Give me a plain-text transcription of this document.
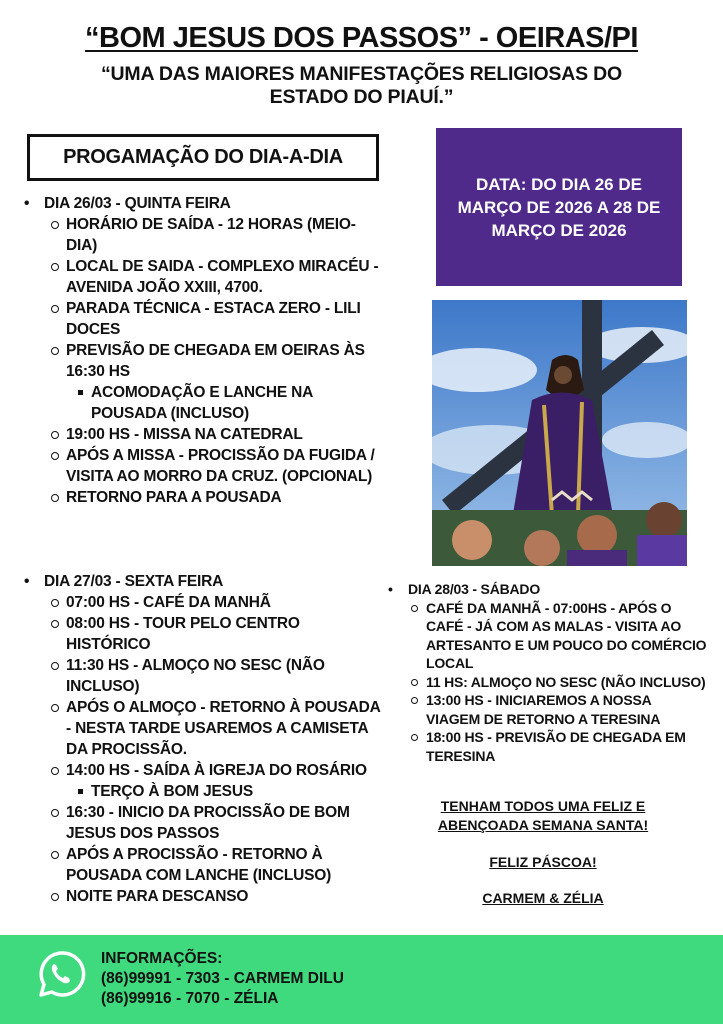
“BOM JESUS DOS PASSOS” - OEIRAS/PI
“UMA DAS MAIORES MANIFESTAÇÕES RELIGIOSAS DO ESTADO DO PIAUÍ.”
PROGAMAÇÃO DO DIA-A-DIA
DATA: DO DIA 26 DE MARÇO DE 2026 A 28 DE MARÇO DE 2026
• DIA 26/03 - QUINTA FEIRA
HORÁRIO DE SAÍDA - 12 HORAS (MEIO-DIA)
LOCAL DE SAIDA - COMPLEXO MIRACÉU - AVENIDA JOÃO XXIII, 4700.
PARADA TÉCNICA - ESTACA ZERO - LILI DOCES
PREVISÃO DE CHEGADA EM OEIRAS ÀS 16:30 HS
ACOMODAÇÃO E LANCHE NA POUSADA (INCLUSO)
19:00 HS - MISSA NA CATEDRAL
APÓS A MISSA - PROCISSÃO DA FUGIDA / VISITA AO MORRO DA CRUZ. (OPCIONAL)
RETORNO PARA A POUSADA
• DIA 27/03 - SEXTA FEIRA
07:00 HS - CAFÉ DA MANHÃ
08:00 HS - TOUR PELO CENTRO HISTÓRICO
11:30 HS - ALMOÇO NO SESC (NÃO INCLUSO)
APÓS O ALMOÇO - RETORNO À POUSADA - NESTA TARDE USAREMOS A CAMISETA DA PROCISSÃO.
14:00 HS - SAÍDA À IGREJA DO ROSÁRIO
TERÇO À BOM JESUS
16:30 - INICIO DA PROCISSÃO DE BOM JESUS DOS PASSOS
APÓS A PROCISSÃO - RETORNO À POUSADA COM LANCHE (INCLUSO)
NOITE PARA DESCANSO
• DIA 28/03 - SÁBADO
CAFÉ DA MANHÃ - 07:00HS - APÓS O CAFÉ - JÁ COM AS MALAS - VISITA AO ARTESANTO E UM POUCO DO COMÉRCIO LOCAL
11 HS: ALMOÇO NO SESC (NÃO INCLUSO)
13:00 HS - INICIAREMOS A NOSSA VIAGEM DE RETORNO A TERESINA
18:00 HS - PREVISÃO DE CHEGADA EM TERESINA
TENHAM TODOS UMA FELIZ E ABENÇOADA SEMANA SANTA!
FELIZ PÁSCOA!
CARMEM & ZÉLIA
INFORMAÇÕES:
(86)99991 - 7303 - CARMEM DILU
(86)99916 - 7070 - ZÉLIA
